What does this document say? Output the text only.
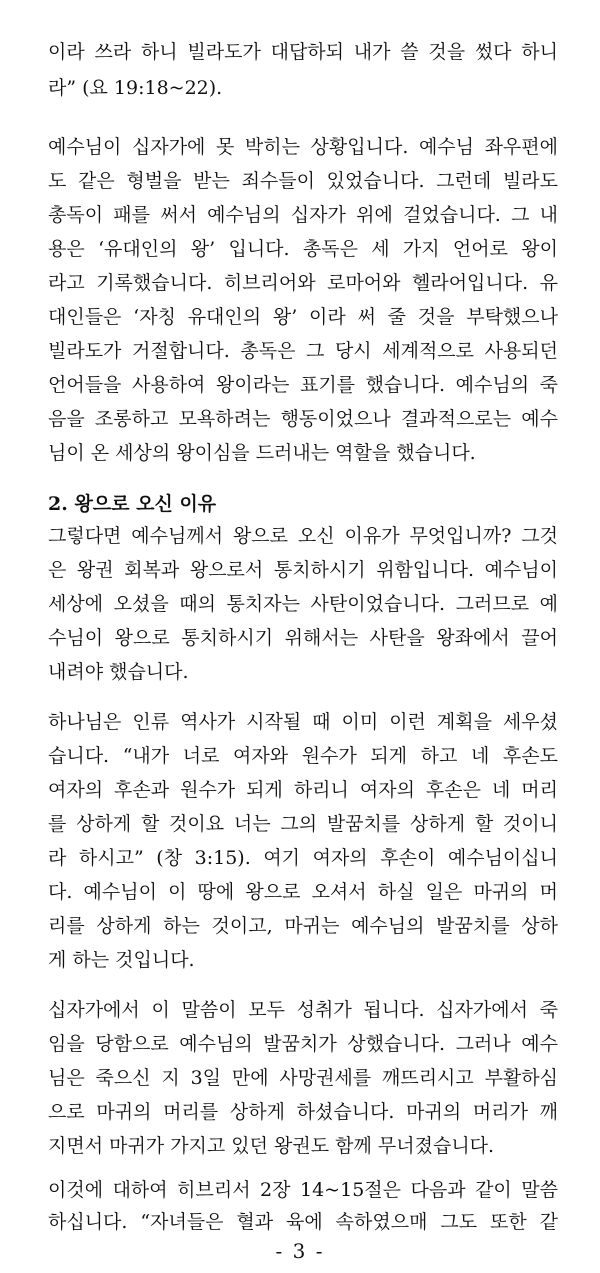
이라 쓰라 하니 빌라도가 대답하되 내가 쓸 것을 썼다 하니
라” (요 19:18~22).
예수님이 십자가에 못 박히는 상황입니다. 예수님 좌우편에
도 같은 형벌을 받는 죄수들이 있었습니다. 그런데 빌라도
총독이 패를 써서 예수님의 십자가 위에 걸었습니다. 그 내
용은 ‘유대인의 왕’ 입니다. 총독은 세 가지 언어로 왕이
라고 기록했습니다. 히브리어와 로마어와 헬라어입니다. 유
대인들은 ‘자칭 유대인의 왕’ 이라 써 줄 것을 부탁했으나
빌라도가 거절합니다. 총독은 그 당시 세계적으로 사용되던
언어들을 사용하여 왕이라는 표기를 했습니다. 예수님의 죽
음을 조롱하고 모욕하려는 행동이었으나 결과적으로는 예수
님이 온 세상의 왕이심을 드러내는 역할을 했습니다.
2. 왕으로 오신 이유
그렇다면 예수님께서 왕으로 오신 이유가 무엇입니까? 그것
은 왕권 회복과 왕으로서 통치하시기 위함입니다. 예수님이
세상에 오셨을 때의 통치자는 사탄이었습니다. 그러므로 예
수님이 왕으로 통치하시기 위해서는 사탄을 왕좌에서 끌어
내려야 했습니다.
하나님은 인류 역사가 시작될 때 이미 이런 계획을 세우셨
습니다. “내가 너로 여자와 원수가 되게 하고 네 후손도
여자의 후손과 원수가 되게 하리니 여자의 후손은 네 머리
를 상하게 할 것이요 너는 그의 발꿈치를 상하게 할 것이니
라 하시고” (창 3:15). 여기 여자의 후손이 예수님이십니
다. 예수님이 이 땅에 왕으로 오셔서 하실 일은 마귀의 머
리를 상하게 하는 것이고, 마귀는 예수님의 발꿈치를 상하
게 하는 것입니다.
십자가에서 이 말씀이 모두 성취가 됩니다. 십자가에서 죽
임을 당함으로 예수님의 발꿈치가 상했습니다. 그러나 예수
님은 죽으신 지 3일 만에 사망권세를 깨뜨리시고 부활하심
으로 마귀의 머리를 상하게 하셨습니다. 마귀의 머리가 깨
지면서 마귀가 가지고 있던 왕권도 함께 무너졌습니다.
이것에 대하여 히브리서 2장 14~15절은 다음과 같이 말씀
하십니다. “자녀들은 혈과 육에 속하였으매 그도 또한 같
- 3 -
